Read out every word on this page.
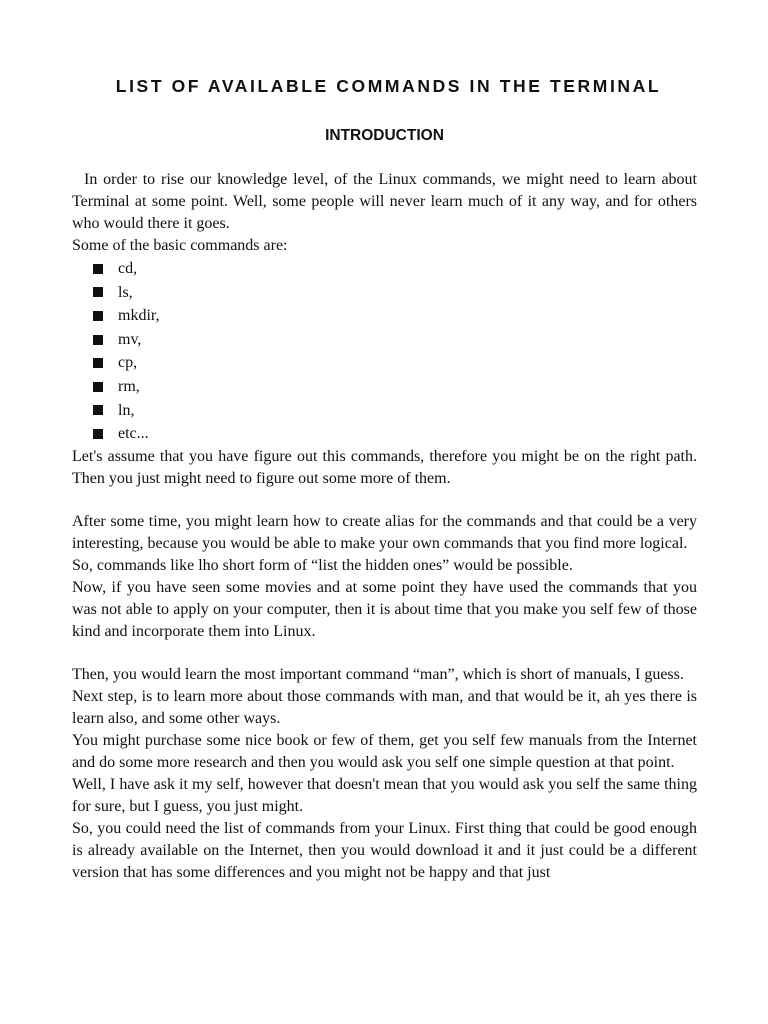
LIST OF AVAILABLE COMMANDS IN THE TERMINAL
INTRODUCTION

In order to rise our knowledge level, of the Linux commands, we might need to learn about Terminal at some point. Well, some people will never learn much of it any way, and for others who would there it goes.

Some of the basic commands are:

cd,
ls,
mkdir,
mv,
cp,
rm,
ln,
etc...

Let's assume that you have figure out this commands, therefore you might be on the right path. Then you just might need to figure out some more of them.

After some time, you might learn how to create alias for the commands and that could be a very interesting, because you would be able to make your own commands that you find more logical.

So, commands like lho short form of “list the hidden ones” would be possible.

Now, if you have seen some movies and at some point they have used the commands that you was not able to apply on your computer, then it is about time that you make you self few of those kind and incorporate them into Linux.

Then, you would learn the most important command “man”, which is short of manuals, I guess.

Next step, is to learn more about those commands with man, and that would be it, ah yes there is learn also, and some other ways.

You might purchase some nice book or few of them, get you self few manuals from the Internet and do some more research and then you would ask you self one simple question at that point.

Well, I have ask it my self, however that doesn't mean that you would ask you self the same thing for sure, but I guess, you just might.

So, you could need the list of commands from your Linux. First thing that could be good enough is already available on the Internet, then you would download it and it just could be a different version that has some differences and you might not be happy and that just
